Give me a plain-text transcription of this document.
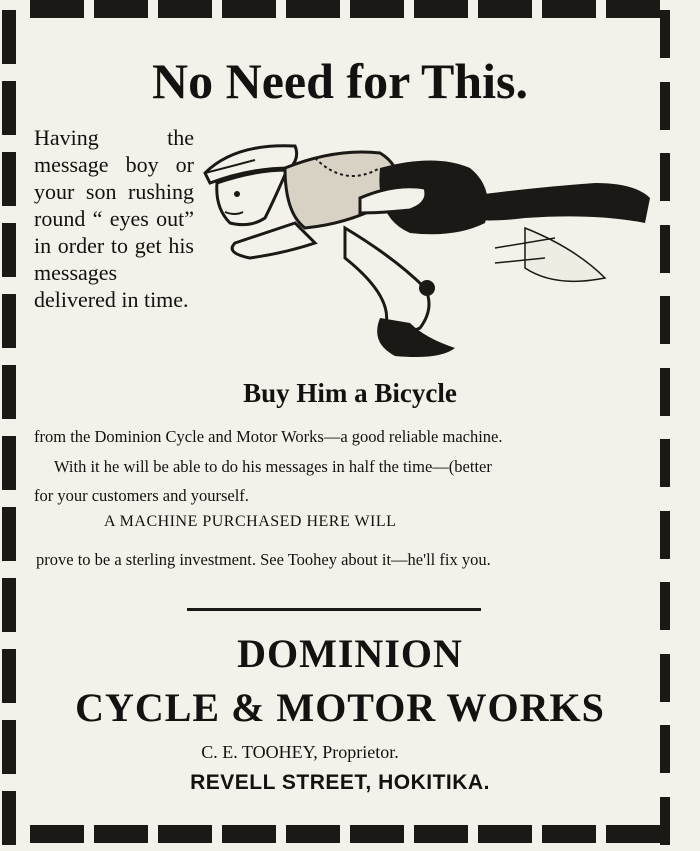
No Need for This.
Having the message boy or your son rushing round “ eyes out” in order to get his messages delivered in time.
Buy Him a Bicycle
from the Dominion Cycle and Motor Works—a good reliable machine.
With it he will be able to do his messages in half the time—(better
for your customers and yourself.
A MACHINE PURCHASED HERE WILL
prove to be a sterling investment. See Toohey about it—he'll fix you.
DOMINION
CYCLE & MOTOR WORKS
C. E. TOOHEY, Proprietor.
REVELL STREET, HOKITIKA.
